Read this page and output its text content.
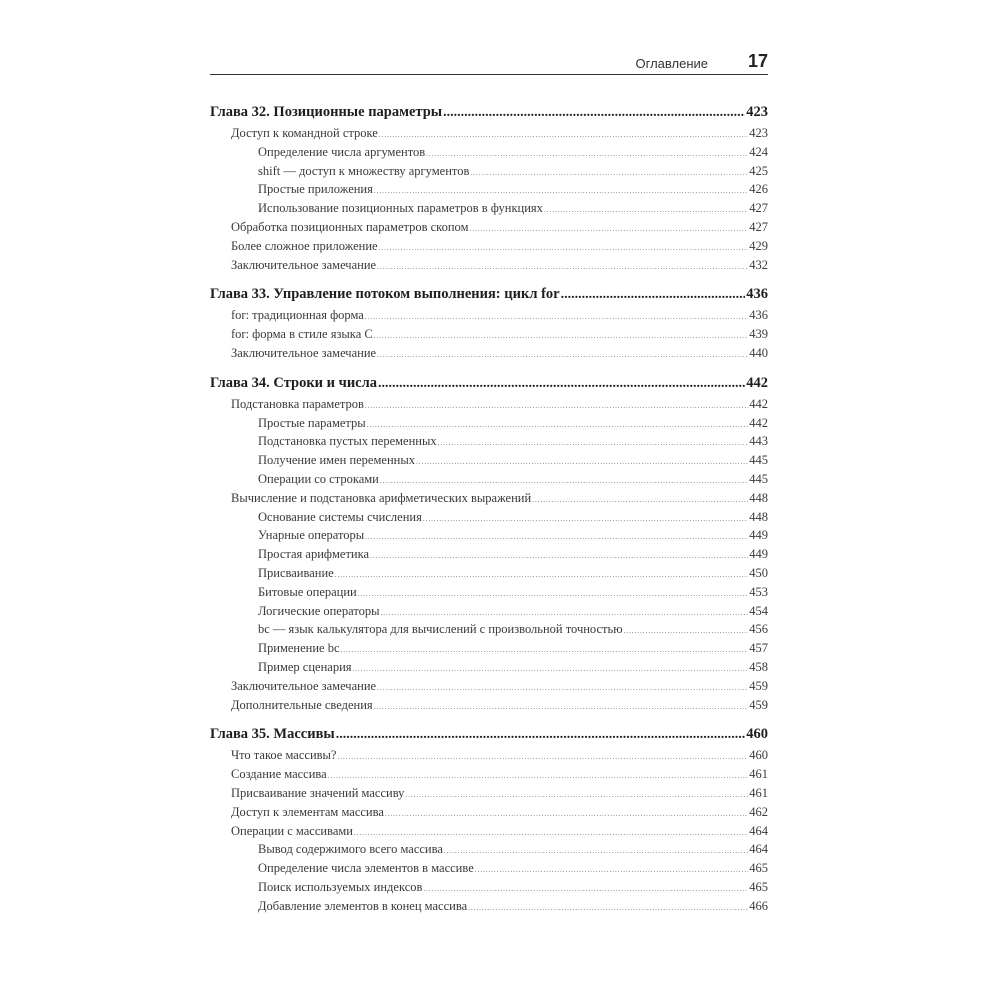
Оглавление 17
Глава 32. Позиционные параметры .....	423
Доступ к командной строке .....	423
Определение числа аргументов .....	424
shift — доступ к множеству аргументов .....	425
Простые приложения .....	426
Использование позиционных параметров в функциях .....	427
Обработка позиционных параметров скопом .....	427
Более сложное приложение .....	429
Заключительное замечание .....	432
Глава 33. Управление потоком выполнения: цикл for .....	436
for: традиционная форма .....	436
for: форма в стиле языка C .....	439
Заключительное замечание .....	440
Глава 34. Строки и числа .....	442
Подстановка параметров .....	442
Простые параметры .....	442
Подстановка пустых переменных .....	443
Получение имен переменных .....	445
Операции со строками .....	445
Вычисление и подстановка арифметических выражений .....	448
Основание системы счисления .....	448
Унарные операторы .....	449
Простая арифметика .....	449
Присваивание .....	450
Битовые операции .....	453
Логические операторы .....	454
bc — язык калькулятора для вычислений с произвольной точностью .....	456
Применение bc .....	457
Пример сценария .....	458
Заключительное замечание .....	459
Дополнительные сведения .....	459
Глава 35. Массивы .....	460
Что такое массивы? .....	460
Создание массива .....	461
Присваивание значений массиву .....	461
Доступ к элементам массива .....	462
Операции с массивами .....	464
Вывод содержимого всего массива .....	464
Определение числа элементов в массиве .....	465
Поиск используемых индексов .....	465
Добавление элементов в конец массива .....	466
